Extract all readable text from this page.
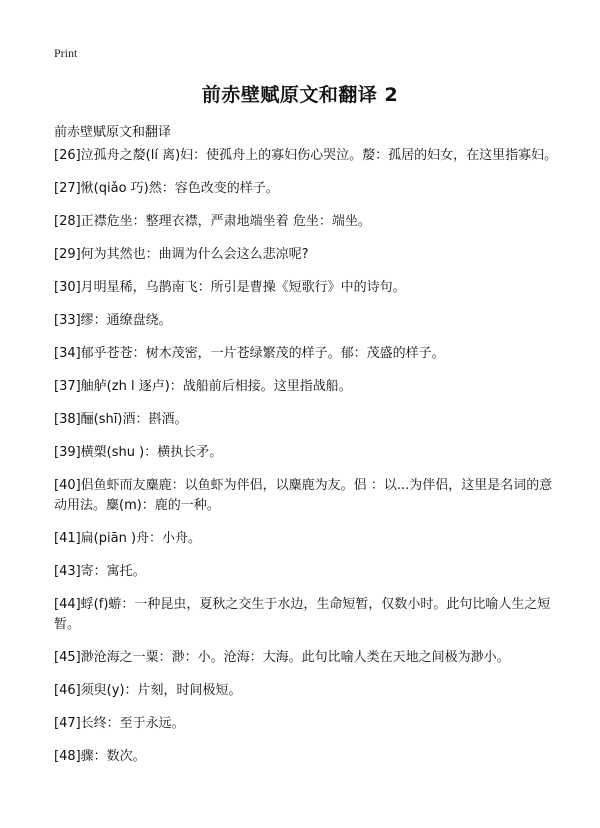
Print
前赤壁赋原文和翻译 2
前赤壁赋原文和翻译

[26]泣孤舟之嫠(lí 离)妇：使孤舟上的寡妇伤心哭泣。嫠：孤居的妇女，在这里指寡妇。

[27]愀(qiǎo 巧)然：容色改变的样子。

[28]正襟危坐：整理衣襟，严肃地端坐着 危坐：端坐。

[29]何为其然也：曲调为什么会这么悲凉呢?

[30]月明星稀，乌鹊南飞：所引是曹操《短歌行》中的诗句。

[33]缪：通缭盘绕。

[34]郁乎苍苍：树木茂密，一片苍绿繁茂的样子。郁：茂盛的样子。

[37]舳舻(zh l 逐卢)：战船前后相接。这里指战船。

[38]酾(shī)酒：斟酒。

[39]横槊(shu )：横执长矛。

[40]侣鱼虾而友麋鹿：以鱼虾为伴侣，以麋鹿为友。侣 ：以...为伴侣，这里是名词的意动用法。麋(m)：鹿的一种。

[41]扁(piān )舟：小舟。

[43]寄：寓托。

[44]蜉(f)蝣：一种昆虫，夏秋之交生于水边，生命短暂，仅数小时。此句比喻人生之短暂。

[45]渺沧海之一粟：渺：小。沧海：大海。此句比喻人类在天地之间极为渺小。

[46]须臾(y)：片刻，时间极短。

[47]长终：至于永远。

[48]骤：数次。
